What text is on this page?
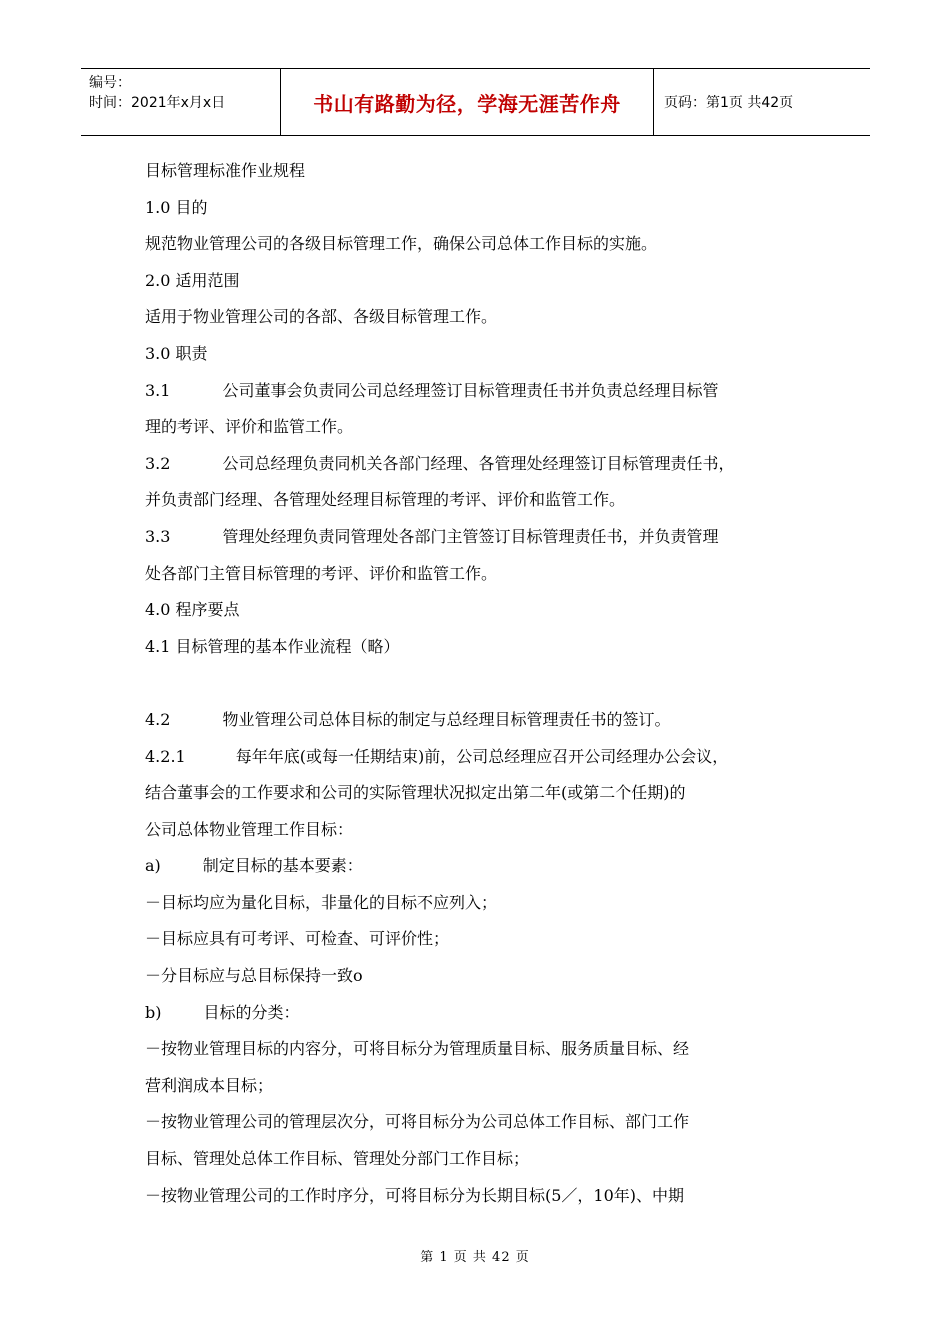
编号：
时间：2021年x月x日	书山有路勤为径，学海无涯苦作舟	页码：第1页 共42页
目标管理标准作业规程
1.0 目的
规范物业管理公司的各级目标管理工作，确保公司总体工作目标的实施。
2.0 适用范围
适用于物业管理公司的各部、各级目标管理工作。
3.0 职责
3.1	公司董事会负责同公司总经理签订目标管理责任书并负责总经理目标管
理的考评、评价和监管工作。
3.2	公司总经理负责同机关各部门经理、各管理处经理签订目标管理责任书，
并负责部门经理、各管理处经理目标管理的考评、评价和监管工作。
3.3	管理处经理负责同管理处各部门主管签订目标管理责任书，并负责管理
处各部门主管目标管理的考评、评价和监管工作。
4.0 程序要点
4.1 目标管理的基本作业流程（略）
4.2	物业管理公司总体目标的制定与总经理目标管理责任书的签订。
4.2.1	每年年底(或每一任期结束)前，公司总经理应召开公司经理办公会议，
结合董事会的工作要求和公司的实际管理状况拟定出第二年(或第二个任期)的
公司总体物业管理工作目标：
a)	制定目标的基本要素：
－目标均应为量化目标，非量化的目标不应列入；
－目标应具有可考评、可检查、可评价性；
－分目标应与总目标保持一致o
b)	目标的分类：
－按物业管理目标的内容分，可将目标分为管理质量目标、服务质量目标、经
营利润成本目标；
－按物业管理公司的管理层次分，可将目标分为公司总体工作目标、部门工作
目标、管理处总体工作目标、管理处分部门工作目标；
－按物业管理公司的工作时序分，可将目标分为长期目标(5／，10年)、中期
第 1 页 共 42 页
